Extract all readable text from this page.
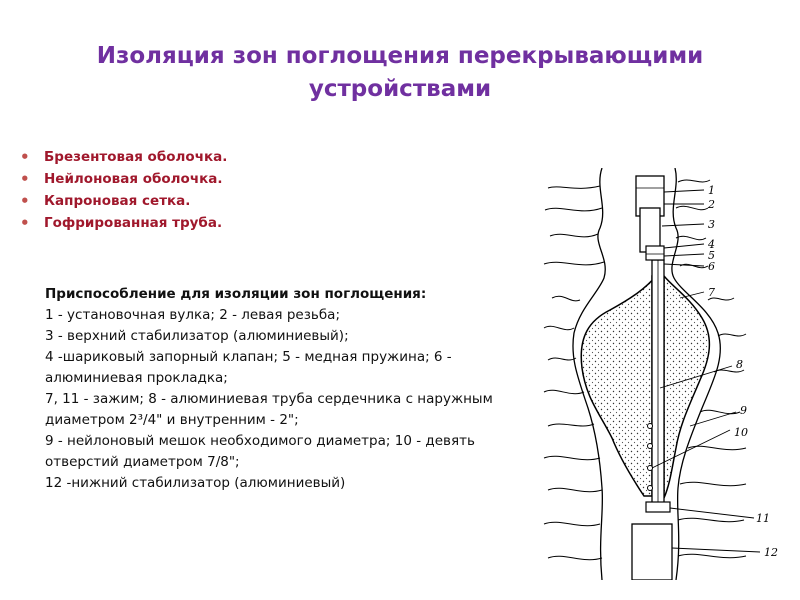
Изоляция зон поглощения перекрывающими
устройствами
• Брезентовая оболочка.
• Нейлоновая оболочка.
• Капроновая сетка.
• Гофрированная труба.
Приспособление для изоляции зон поглощения:
1 - установочная вулка; 2 - левая резьба;
3 - верхний стабилизатор (алюминиевый);
4 -шариковый запорный клапан; 5 - медная пружина; 6 - алюминиевая прокладка;
7, 11 - зажим; 8 - алюминиевая труба сердечника с наружным диаметром 2³/4" и внутренним - 2";
9 - нейлоновый мешок необходимого диаметра; 10 - девять отверстий диаметром 7/8";
12 -нижний стабилизатор (алюминиевый)
1
2
3
4
5
6
7
8
9
10
11
12
